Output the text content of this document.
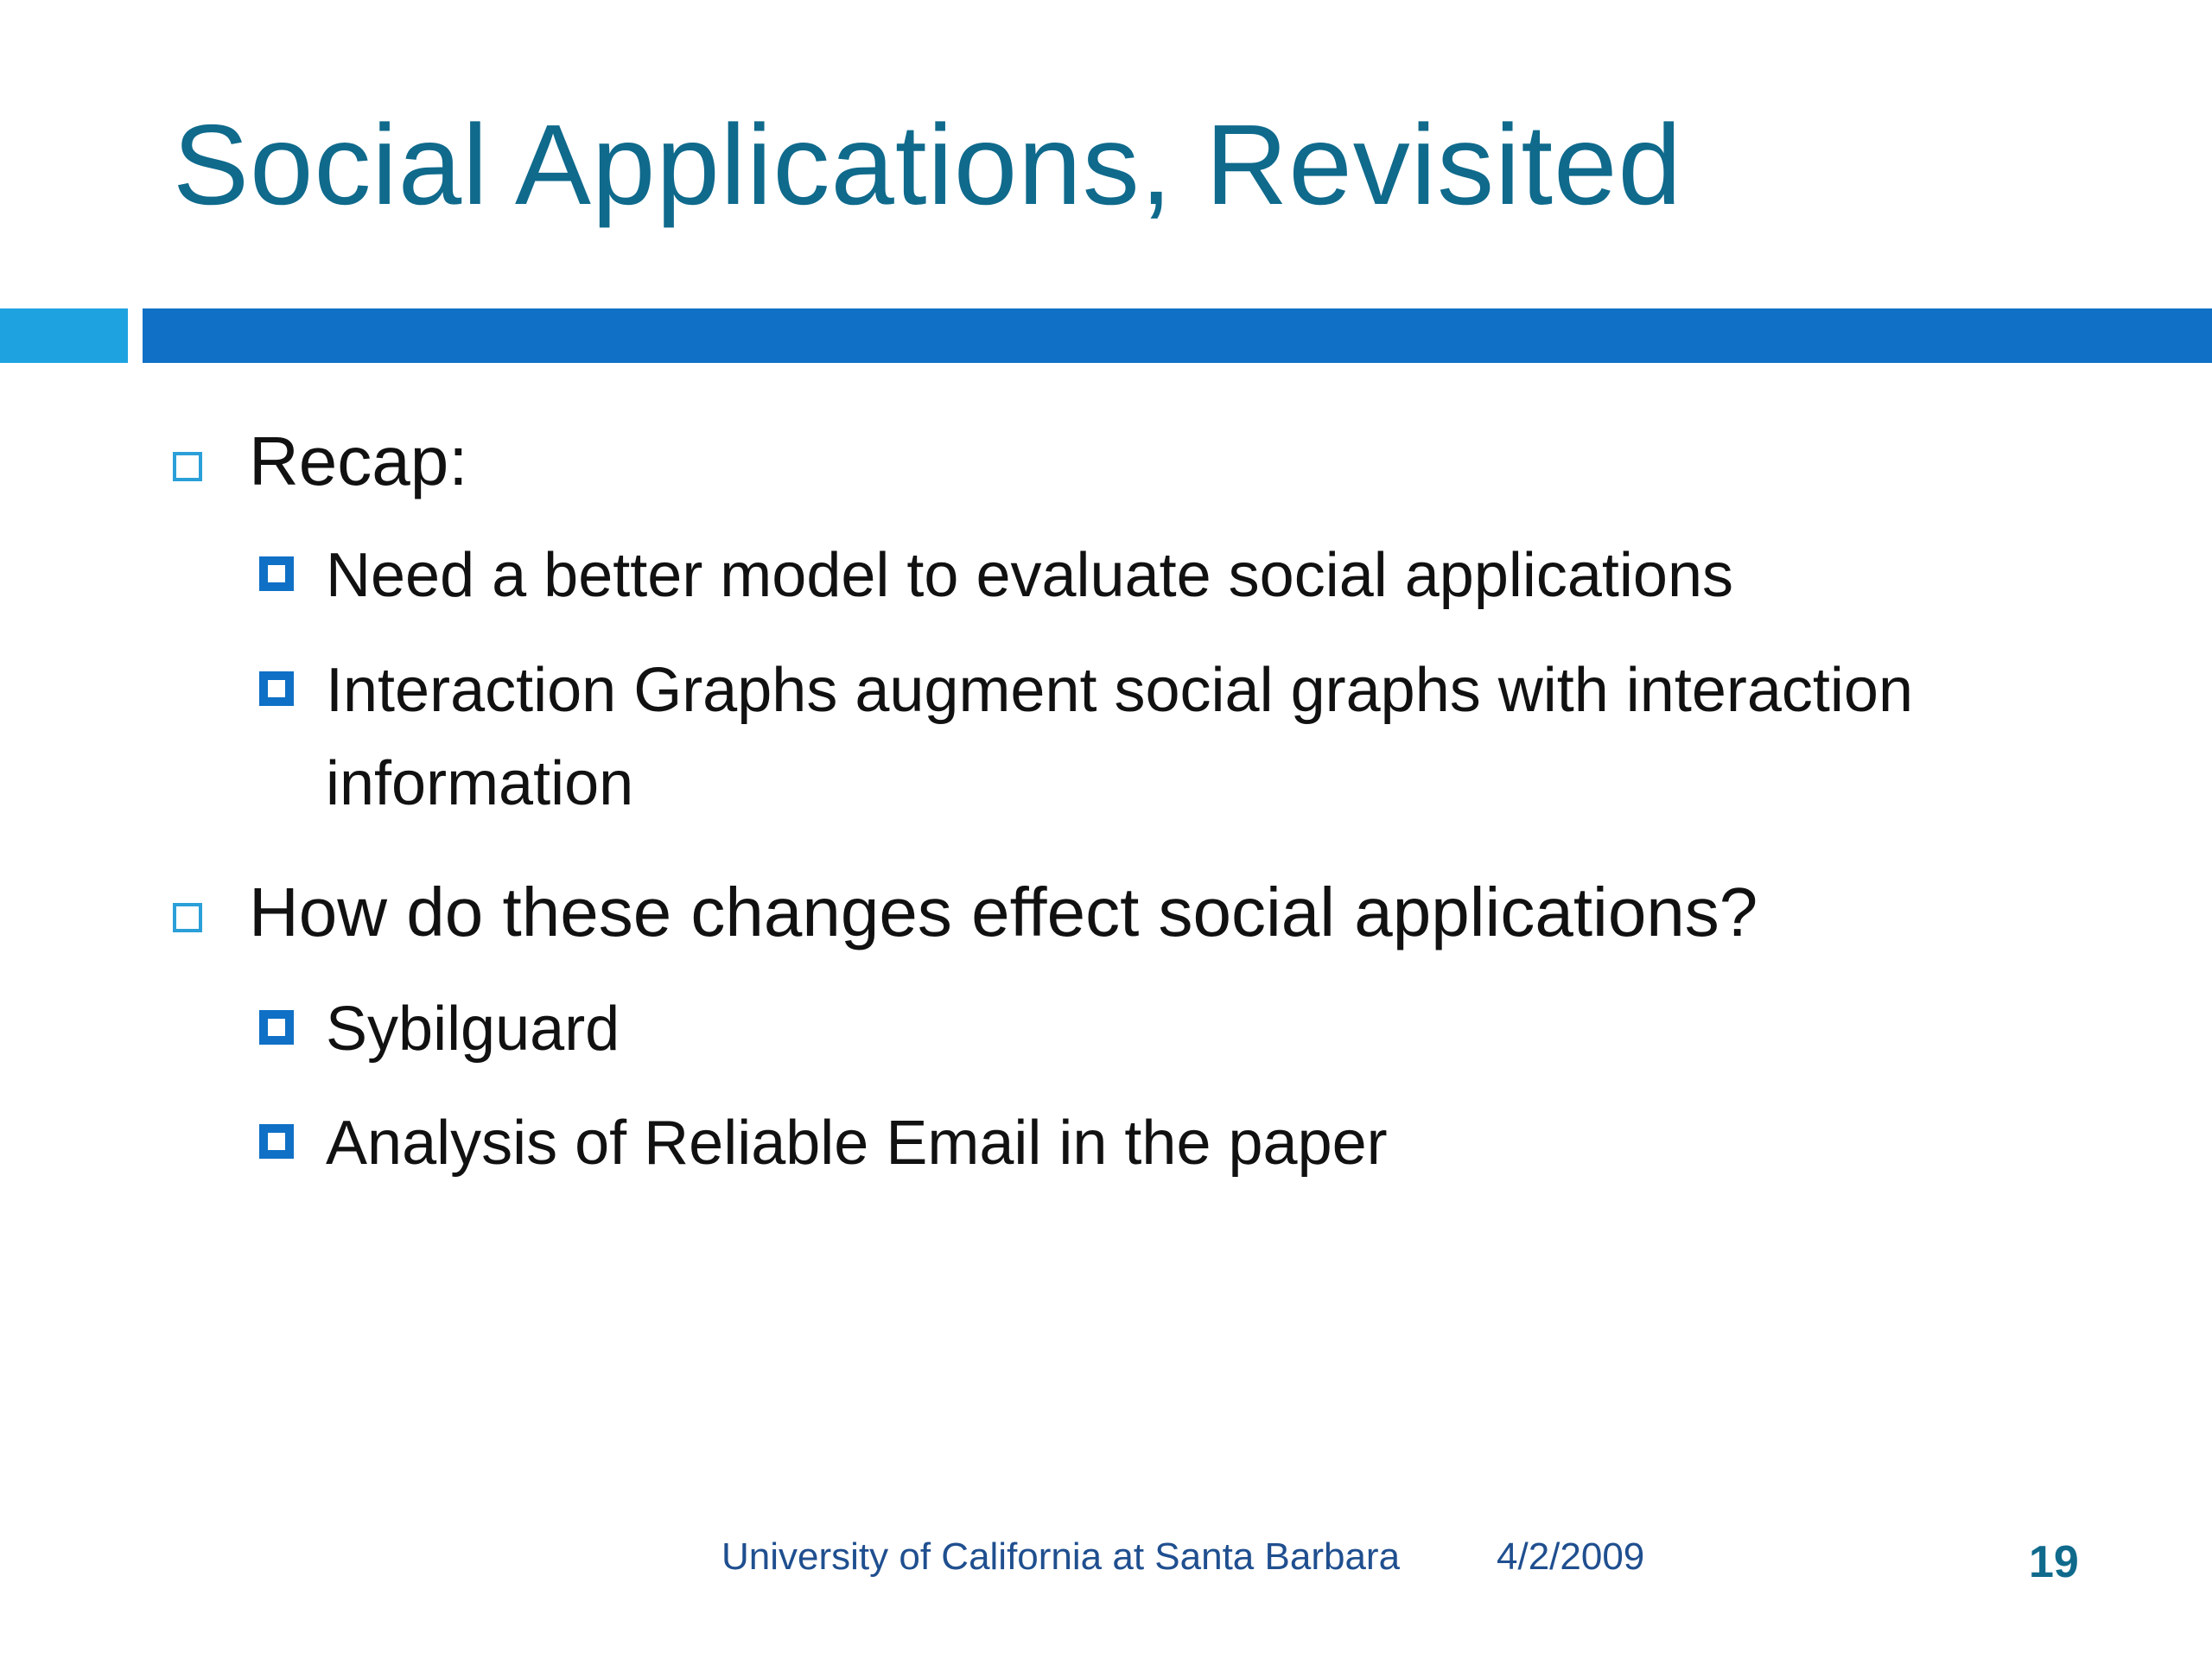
Social Applications, Revisited
Recap:
Need a better model to evaluate social applications
Interaction Graphs augment social graphs with interaction information
How do these changes effect social applications?
Sybilguard
Analysis of Reliable Email in the paper
University of California at Santa Barbara	4/2/2009	19
